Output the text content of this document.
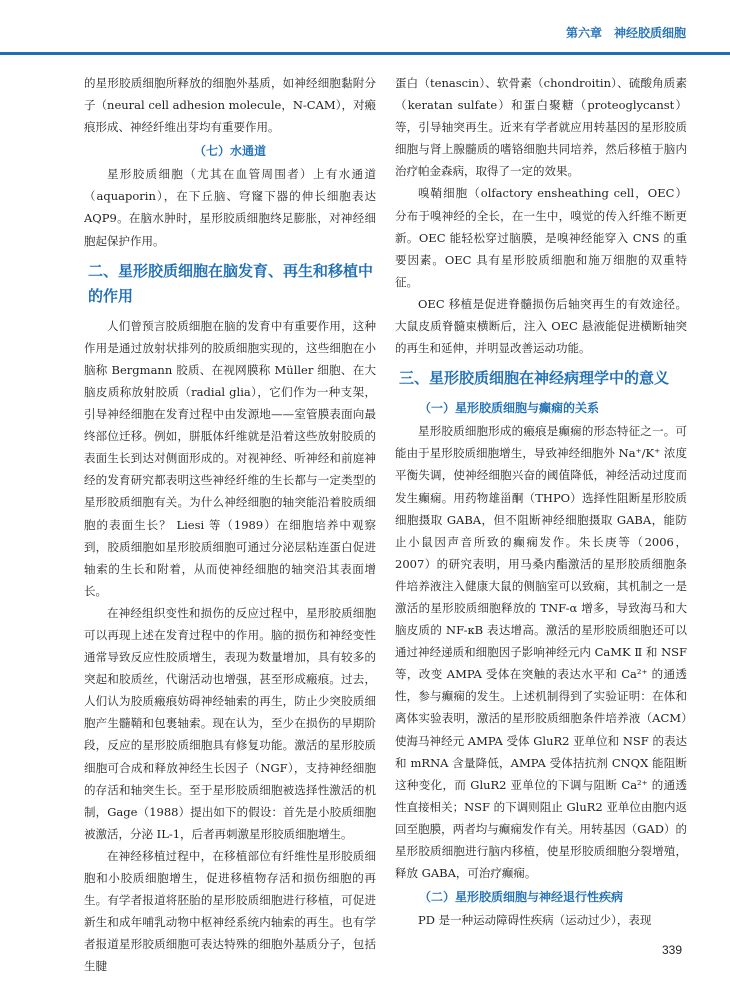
第六章　神经胶质细胞

的星形胶质细胞所释放的细胞外基质，如神经细胞黏附分子（neural cell adhesion molecule，N-CAM），对瘢痕形成、神经纤维出芽均有重要作用。

（七）水通道

星形胶质细胞（尤其在血管周围者）上有水通道（aquaporin），在下丘脑、穹窿下器的伸长细胞表达 AQP9。在脑水肿时，星形胶质细胞终足膨胀，对神经细胞起保护作用。

二、星形胶质细胞在脑发育、再生和移植中的作用

人们曾预言胶质细胞在脑的发育中有重要作用，这种作用是通过放射状排列的胶质细胞实现的，这些细胞在小脑称 Bergmann 胶质、在视网膜称 Müller 细胞、在大脑皮质称放射胶质（radial glia），它们作为一种支架，引导神经细胞在发育过程中由发源地——室管膜表面向最终部位迁移。例如，胼胝体纤维就是沿着这些放射胶质的表面生长到达对侧面形成的。对视神经、听神经和前庭神经的发育研究都表明这些神经纤维的生长都与一定类型的星形胶质细胞有关。为什么神经细胞的轴突能沿着胶质细胞的表面生长？ Liesi 等（1989）在细胞培养中观察到，胶质细胞如星形胶质细胞可通过分泌层粘连蛋白促进轴索的生长和附着，从而使神经细胞的轴突沿其表面增长。

在神经组织变性和损伤的反应过程中，星形胶质细胞可以再现上述在发育过程中的作用。脑的损伤和神经变性通常导致反应性胶质增生，表现为数量增加，具有较多的突起和胶质丝，代谢活动也增强，甚至形成瘢痕。过去，人们认为胶质瘢痕妨碍神经轴索的再生，防止少突胶质细胞产生髓鞘和包裹轴索。现在认为，至少在损伤的早期阶段，反应的星形胶质细胞具有修复功能。激活的星形胶质细胞可合成和释放神经生长因子（NGF），支持神经细胞的存活和轴突生长。至于星形胶质细胞被选择性激活的机制，Gage（1988）提出如下的假设：首先是小胶质细胞被激活，分泌 IL-1，后者再刺激星形胶质细胞增生。

在神经移植过程中，在移植部位有纤维性星形胶质细胞和小胶质细胞增生，促进移植物存活和损伤细胞的再生。有学者报道将胚胎的星形胶质细胞进行移植，可促进新生和成年哺乳动物中枢神经系统内轴索的再生。也有学者报道星形胶质细胞可表达特殊的细胞外基质分子，包括生腱

蛋白（tenascin）、软骨素（chondroitin）、硫酸角质素（keratan sulfate）和蛋白聚糖（proteoglycanst）等，引导轴突再生。近来有学者就应用转基因的星形胶质细胞与肾上腺髓质的嗜铬细胞共同培养，然后移植于脑内治疗帕金森病，取得了一定的效果。

嗅鞘细胞（olfactory ensheathing cell，OEC）分布于嗅神经的全长，在一生中，嗅觉的传入纤维不断更新。OEC 能轻松穿过脑膜，是嗅神经能穿入 CNS 的重要因素。OEC 具有星形胶质细胞和施万细胞的双重特征。

OEC 移植是促进脊髓损伤后轴突再生的有效途径。大鼠皮质脊髓束横断后，注入 OEC 悬液能促进横断轴突的再生和延伸，并明显改善运动功能。

三、星形胶质细胞在神经病理学中的意义
（一）星形胶质细胞与癫痫的关系

星形胶质细胞形成的瘢痕是癫痫的形态特征之一。可能由于星形胶质细胞增生，导致神经细胞外 Na⁺/K⁺ 浓度平衡失调，使神经细胞兴奋的阈值降低，神经活动过度而发生癫痫。用药物雄甾酮（THPO）选择性阻断星形胶质细胞摄取 GABA，但不阻断神经细胞摄取 GABA，能防止小鼠因声音所致的癫痫发作。朱长庚等（2006，2007）的研究表明，用马桑内酯激活的星形胶质细胞条件培养液注入健康大鼠的侧脑室可以致痫，其机制之一是激活的星形胶质细胞释放的 TNF-α 增多，导致海马和大脑皮质的 NF-κB 表达增高。激活的星形胶质细胞还可以通过神经递质和细胞因子影响神经元内 CaMK Ⅱ 和 NSF 等，改变 AMPA 受体在突触的表达水平和 Ca²⁺ 的通透性，参与癫痫的发生。上述机制得到了实验证明：在体和离体实验表明，激活的星形胶质细胞条件培养液（ACM）使海马神经元 AMPA 受体 GluR2 亚单位和 NSF 的表达和 mRNA 含量降低，AMPA 受体拮抗剂 CNQX 能阻断这种变化，而 GluR2 亚单位的下调与阻断 Ca²⁺ 的通透性直接相关；NSF 的下调则阻止 GluR2 亚单位由胞内返回至胞膜，两者均与癫痫发作有关。用转基因（GAD）的星形胶质细胞进行脑内移植，使星形胶质细胞分裂增殖，释放 GABA，可治疗癫痫。

（二）星形胶质细胞与神经退行性疾病

PD 是一种运动障碍性疾病（运动过少），表现

339
